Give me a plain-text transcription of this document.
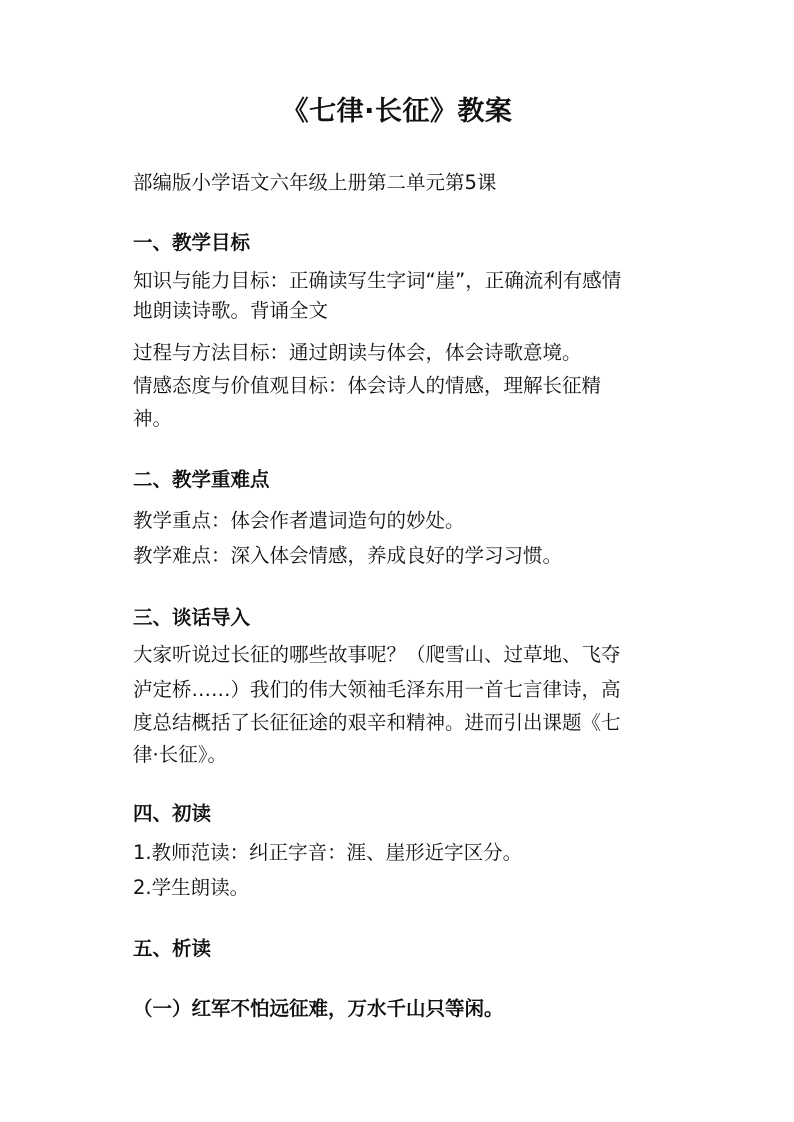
《七律·长征》教案
部编版小学语文六年级上册第二单元第5课
一、教学目标
知识与能力目标：正确读写生字词“崖”，正确流利有感情
地朗读诗歌。背诵全文
过程与方法目标：通过朗读与体会，体会诗歌意境。
情感态度与价值观目标：体会诗人的情感，理解长征精
神。
二、教学重难点
教学重点：体会作者遣词造句的妙处。
教学难点：深入体会情感，养成良好的学习习惯。
三、谈话导入
大家听说过长征的哪些故事呢？（爬雪山、过草地、飞夺
泸定桥……）我们的伟大领袖毛泽东用一首七言律诗，高
度总结概括了长征征途的艰辛和精神。进而引出课题《七
律·长征》。
四、初读
1.教师范读：纠正字音：涯、崖形近字区分。
2.学生朗读。
五、析读
（一）红军不怕远征难，万水千山只等闲。
